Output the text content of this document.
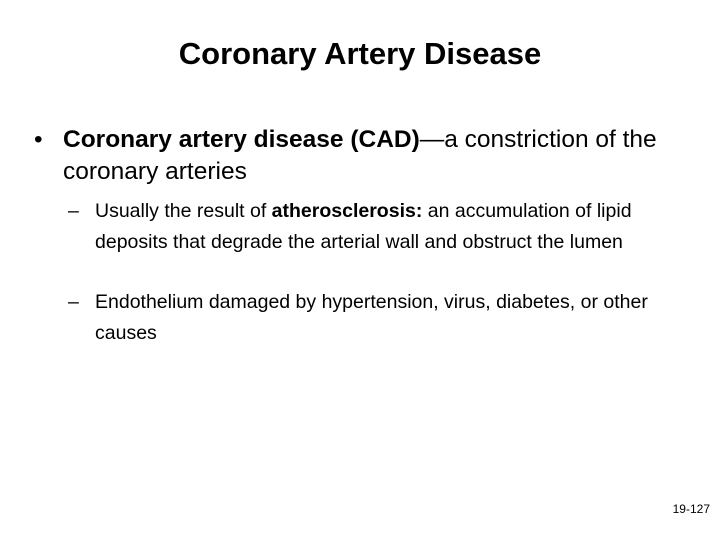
Coronary Artery Disease
• Coronary artery disease (CAD)—a constriction of the coronary arteries
– Usually the result of atherosclerosis: an accumulation of lipid deposits that degrade the arterial wall and obstruct the lumen
– Endothelium damaged by hypertension, virus, diabetes, or other causes
19-127
